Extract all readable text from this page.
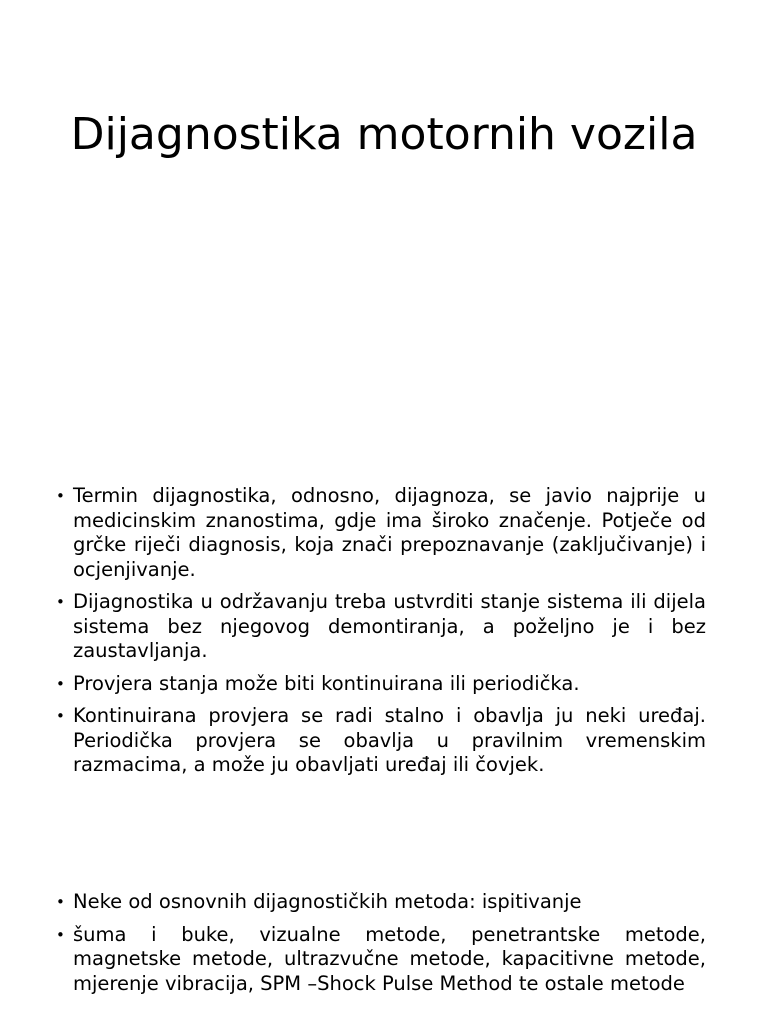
Dijagnostika motornih vozila
• Termin dijagnostika, odnosno, dijagnoza, se javio najprije u medicinskim znanostima, gdje ima široko značenje. Potječe od grčke riječi diagnosis, koja znači prepoznavanje (zaključivanje) i ocjenjivanje.
• Dijagnostika u održavanju treba ustvrditi stanje sistema ili dijela sistema bez njegovog demontiranja, a poželjno je i bez zaustavljanja.
• Provjera stanja može biti kontinuirana ili periodička.
• Kontinuirana provjera se radi stalno i obavlja ju neki uređaj. Periodička provjera se obavlja u pravilnim vremenskim razmacima, a može ju obavljati uređaj ili čovjek.
• Neke od osnovnih dijagnostičkih metoda: ispitivanje
• šuma i buke, vizualne metode, penetrantske metode, magnetske metode, ultrazvučne metode, kapacitivne metode, mjerenje vibracija, SPM –Shock Pulse Method te ostale metode
